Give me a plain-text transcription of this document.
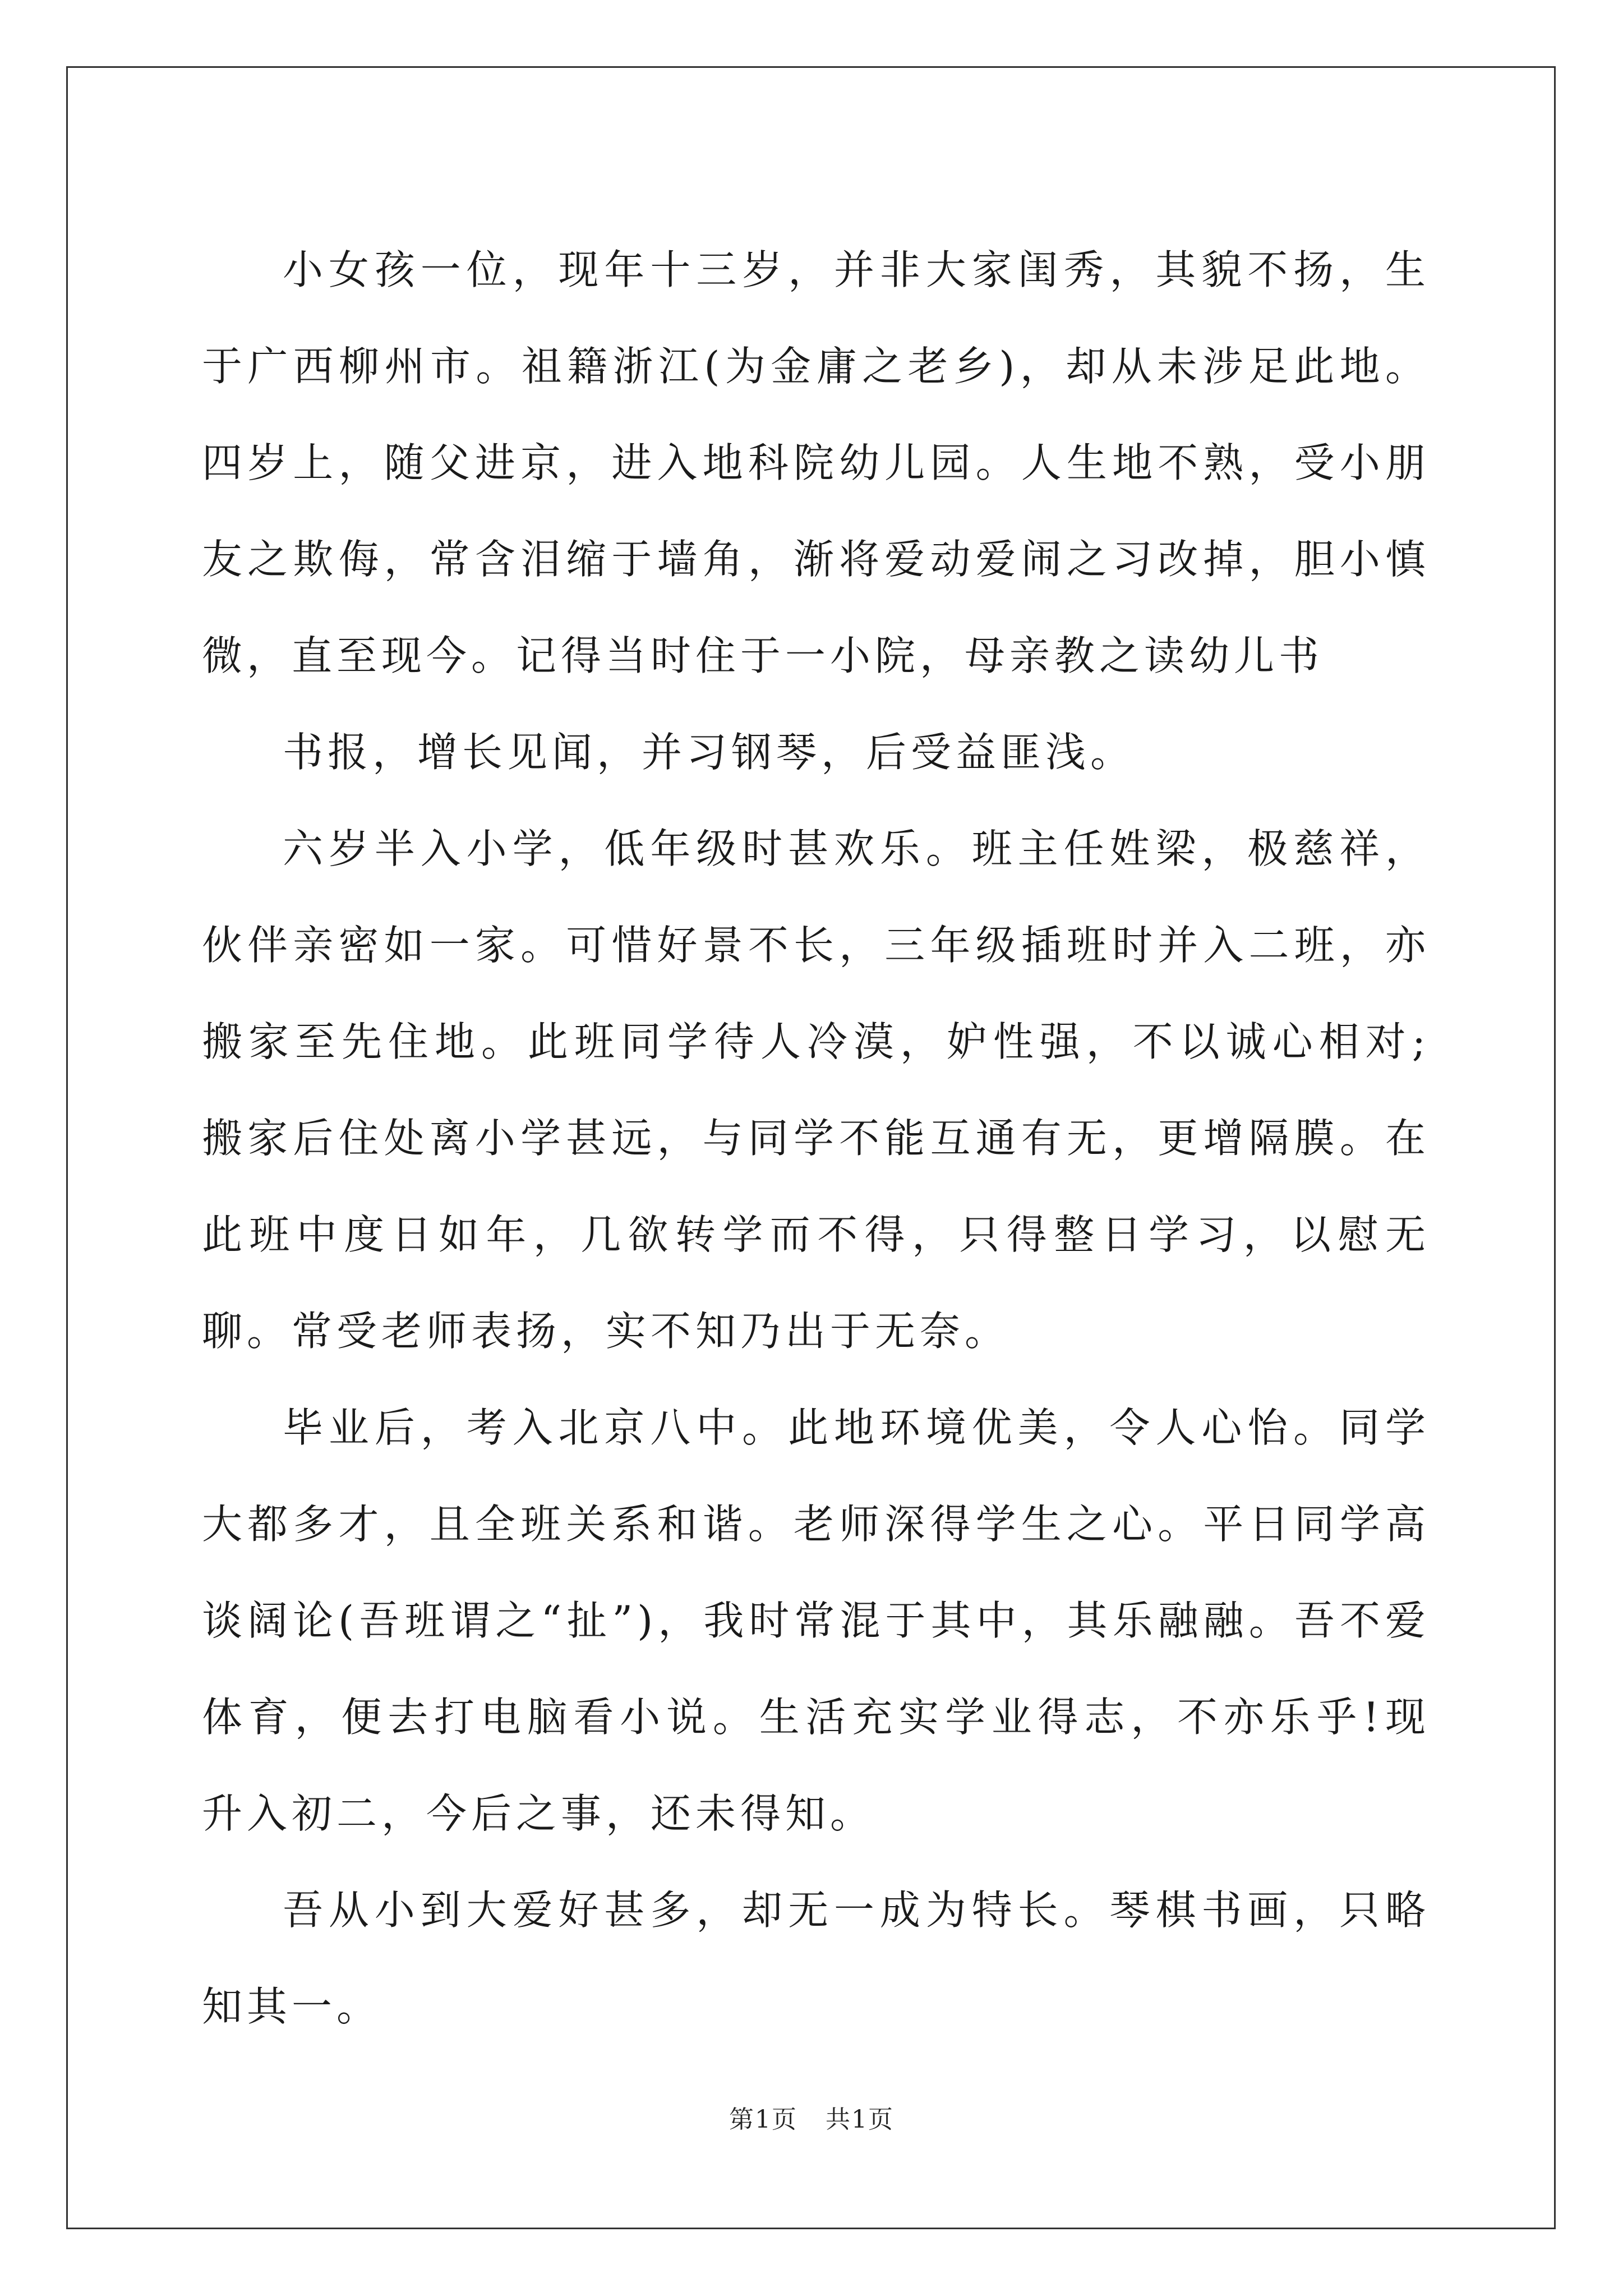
小女孩一位，现年十三岁，并非大家闺秀，其貌不扬，生于广西柳州市。祖籍浙江(为金庸之老乡)，却从未涉足此地。四岁上，随父进京，进入地科院幼儿园。人生地不熟，受小朋友之欺侮，常含泪缩于墙角，渐将爱动爱闹之习改掉，胆小慎微，直至现今。记得当时住于一小院，母亲教之读幼儿书

书报，增长见闻，并习钢琴，后受益匪浅。

六岁半入小学，低年级时甚欢乐。班主任姓梁，极慈祥，伙伴亲密如一家。可惜好景不长，三年级插班时并入二班，亦搬家至先住地。此班同学待人冷漠，妒性强，不以诚心相对;搬家后住处离小学甚远，与同学不能互通有无，更增隔膜。在此班中度日如年，几欲转学而不得，只得整日学习，以慰无聊。常受老师表扬，实不知乃出于无奈。

毕业后，考入北京八中。此地环境优美，令人心怡。同学大都多才，且全班关系和谐。老师深得学生之心。平日同学高谈阔论(吾班谓之“扯”)，我时常混于其中，其乐融融。吾不爱体育，便去打电脑看小说。生活充实学业得志，不亦乐乎!现升入初二，今后之事，还未得知。

吾从小到大爱好甚多，却无一成为特长。琴棋书画，只略知其一。

第1页 共1页
